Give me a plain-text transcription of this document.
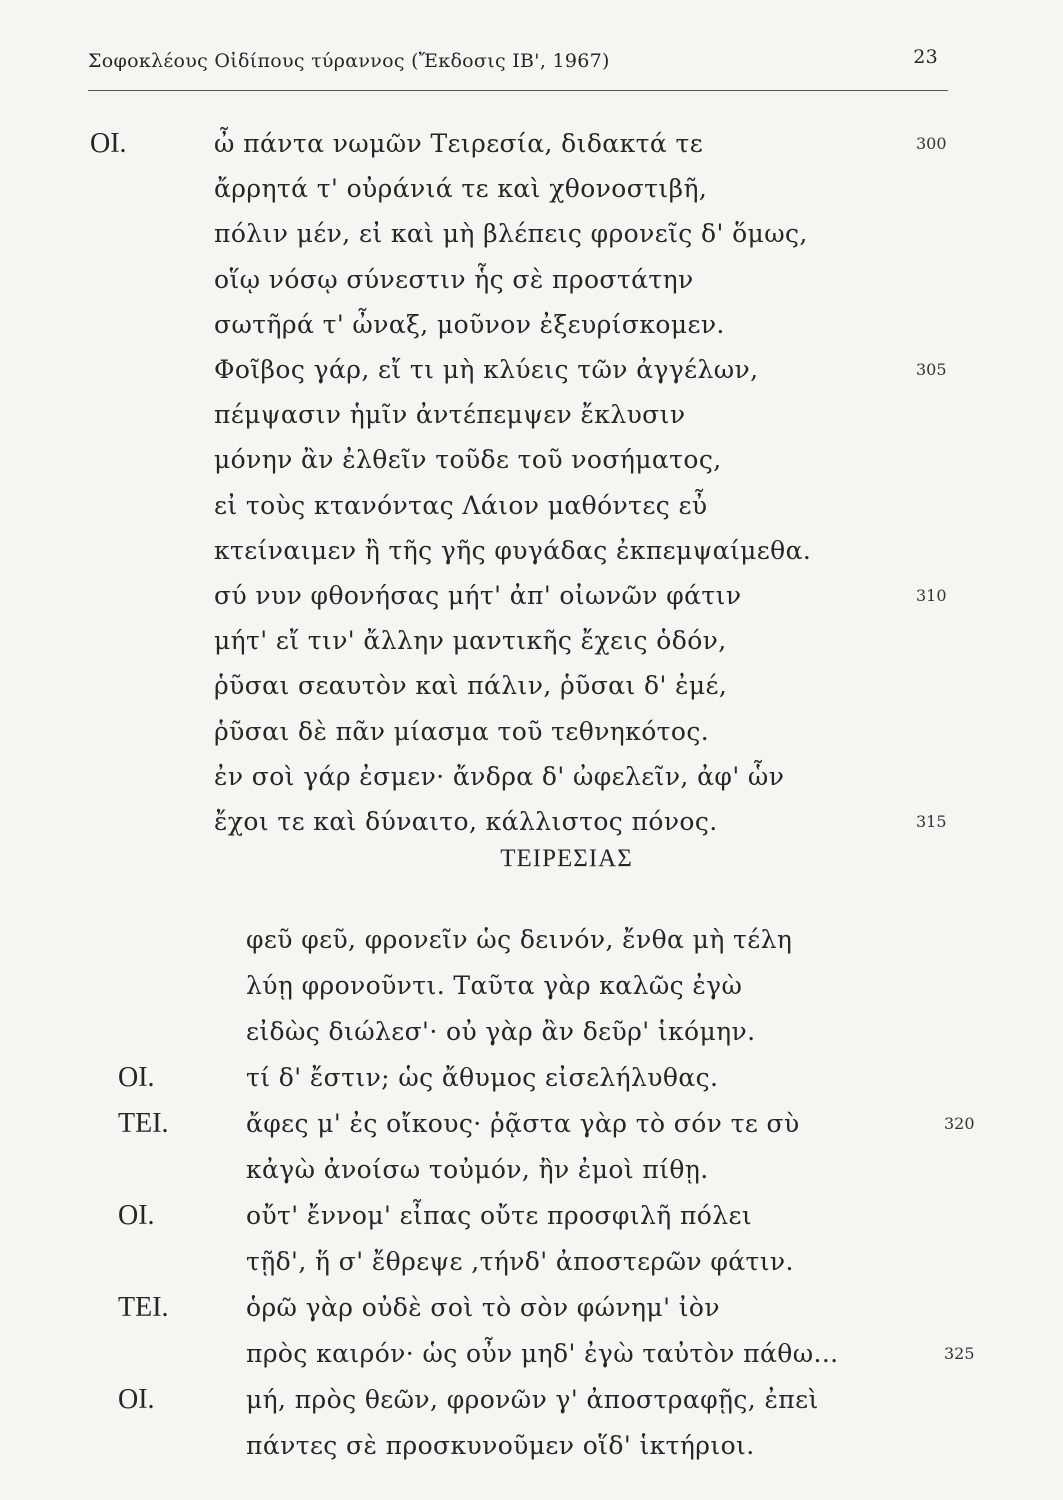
Σοφοκλέους Οἰδίπους τύραννος (Ἔκδοσις ΙΒ', 1967)	23
ΟΙ.	ὦ πάντα νωμῶν Τειρεσία, διδακτά τε	300
ἄρρητά τ' οὐράνιά τε καὶ χθονοστιβῆ,
πόλιν μέν, εἰ καὶ μὴ βλέπεις φρονεῖς δ' ὅμως,
οἵῳ νόσῳ σύνεστιν ἧς σὲ προστάτην
σωτῆρά τ' ὦναξ, μοῦνον ἐξευρίσκομεν.
Φοῖβος γάρ, εἴ τι μὴ κλύεις τῶν ἀγγέλων,	305
πέμψασιν ἡμῖν ἀντέπεμψεν ἔκλυσιν
μόνην ἂν ἐλθεῖν τοῦδε τοῦ νοσήματος,
εἰ τοὺς κτανόντας Λάιον μαθόντες εὖ
κτείναιμεν ἢ τῆς γῆς φυγάδας ἐκπεμψαίμεθα.
σύ νυν φθονήσας μήτ' ἀπ' οἰωνῶν φάτιν	310
μήτ' εἴ τιν' ἄλλην μαντικῆς ἔχεις ὁδόν,
ῥῦσαι σεαυτὸν καὶ πάλιν, ῥῦσαι δ' ἐμέ,
ῥῦσαι δὲ πᾶν μίασμα τοῦ τεθνηκότος.
ἐν σοὶ γάρ ἐσμεν· ἄνδρα δ' ὠφελεῖν, ἀφ' ὧν
ἔχοι τε καὶ δύναιτο, κάλλιστος πόνος.	315
ΤΕΙΡΕΣΙΑΣ
φεῦ φεῦ, φρονεῖν ὡς δεινόν, ἔνθα μὴ τέλη
λύῃ φρονοῦντι. Ταῦτα γὰρ καλῶς ἐγὼ
εἰδὼς διώλεσ'· οὐ γὰρ ἂν δεῦρ' ἱκόμην.
ΟΙ.	τί δ' ἔστιν; ὡς ἄθυμος εἰσελήλυθας.
ΤΕΙ.	ἄφες μ' ἐς οἴκους· ῥᾷστα γὰρ τὸ σόν τε σὺ	320
κἀγὼ ἀνοίσω τοὐμόν, ἢν ἐμοὶ πίθῃ.
ΟΙ.	οὔτ' ἔννομ' εἶπας οὔτε προσφιλῆ πόλει
τῇδ', ἥ σ' ἔθρεψε ,τήνδ' ἀποστερῶν φάτιν.
ΤΕΙ.	ὁρῶ γὰρ οὐδὲ σοὶ τὸ σὸν φώνημ' ἰὸν
πρὸς καιρόν· ὡς οὖν μηδ' ἐγὼ ταὐτὸν πάθω...	325
ΟΙ.	μή, πρὸς θεῶν, φρονῶν γ' ἀποστραφῇς, ἐπεὶ
πάντες σὲ προσκυνοῦμεν οἵδ' ἱκτήριοι.
